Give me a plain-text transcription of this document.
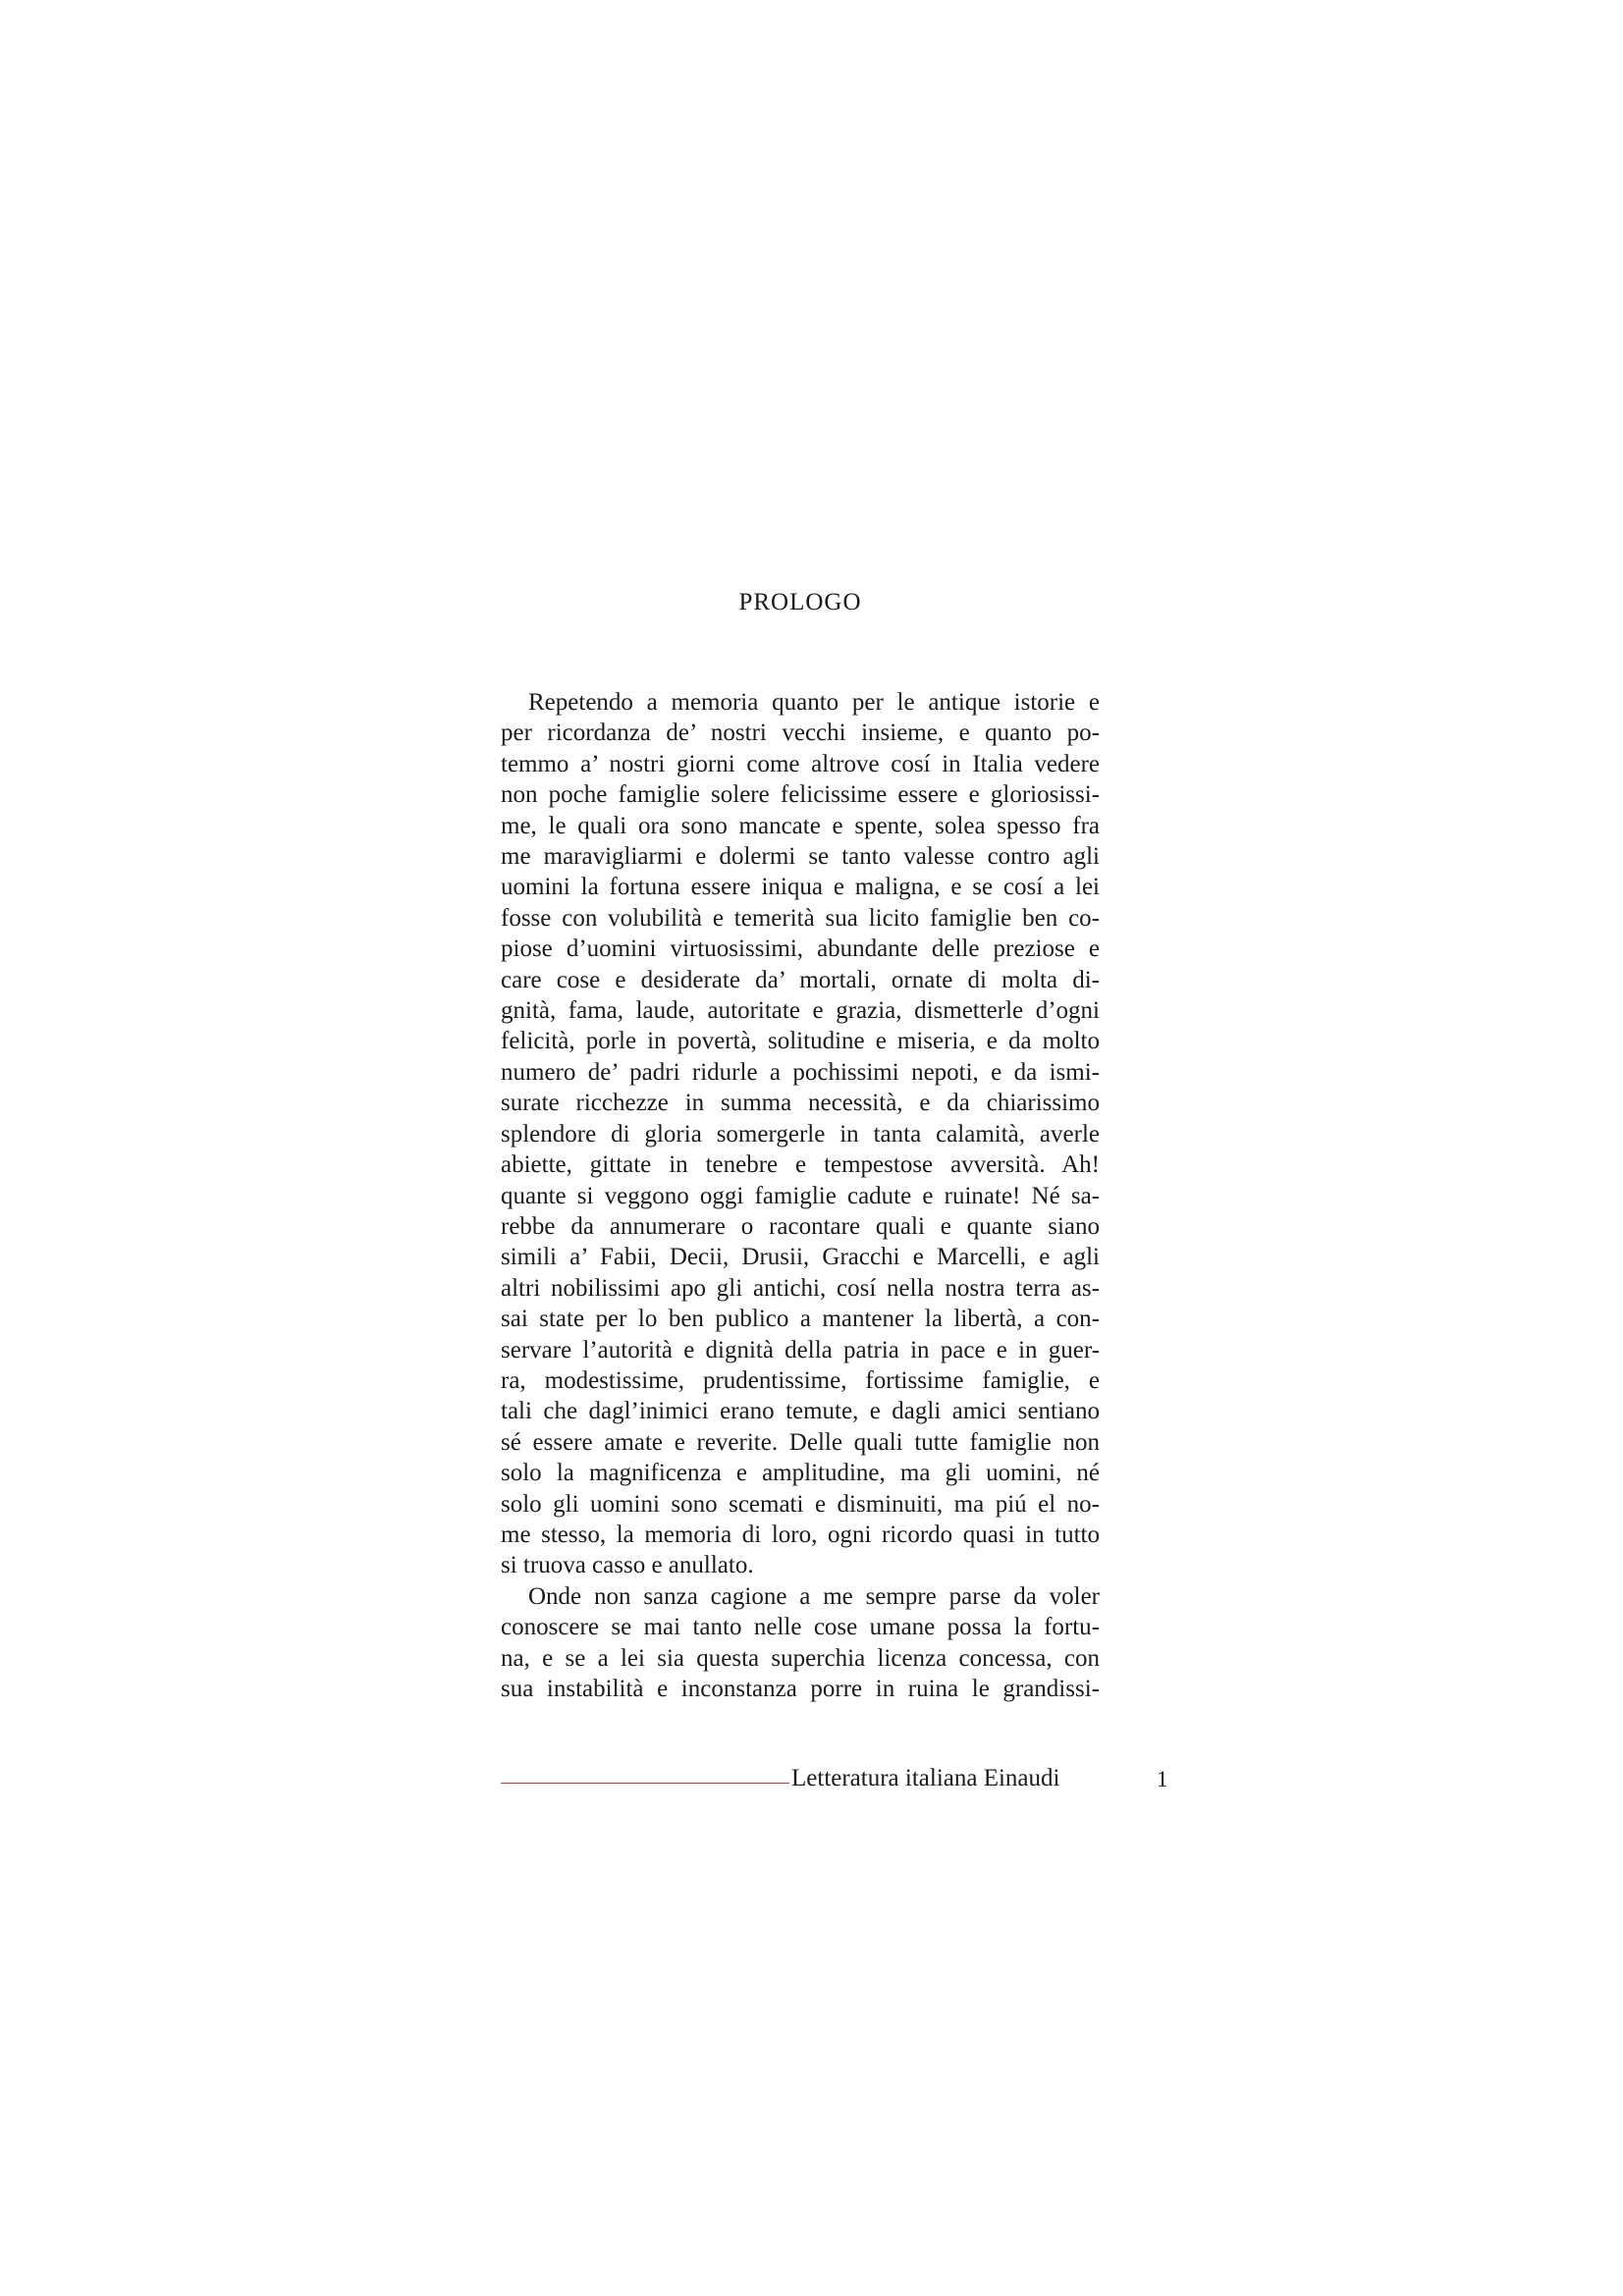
PROLOGO
Repetendo a memoria quanto per le antique istorie e
per ricordanza de’ nostri vecchi insieme, e quanto po-
temmo a’ nostri giorni come altrove cosí in Italia vedere
non poche famiglie solere felicissime essere e gloriosissi-
me, le quali ora sono mancate e spente, solea spesso fra
me maravigliarmi e dolermi se tanto valesse contro agli
uomini la fortuna essere iniqua e maligna, e se cosí a lei
fosse con volubilità e temerità sua licito famiglie ben co-
piose d’uomini virtuosissimi, abundante delle preziose e
care cose e desiderate da’ mortali, ornate di molta di-
gnità, fama, laude, autoritate e grazia, dismetterle d’ogni
felicità, porle in povertà, solitudine e miseria, e da molto
numero de’ padri ridurle a pochissimi nepoti, e da ismi-
surate ricchezze in summa necessità, e da chiarissimo
splendore di gloria somergerle in tanta calamità, averle
abiette, gittate in tenebre e tempestose avversità. Ah!
quante si veggono oggi famiglie cadute e ruinate! Né sa-
rebbe da annumerare o racontare quali e quante siano
simili a’ Fabii, Decii, Drusii, Gracchi e Marcelli, e agli
altri nobilissimi apo gli antichi, cosí nella nostra terra as-
sai state per lo ben publico a mantener la libertà, a con-
servare l’autorità e dignità della patria in pace e in guer-
ra, modestissime, prudentissime, fortissime famiglie, e
tali che dagl’inimici erano temute, e dagli amici sentiano
sé essere amate e reverite. Delle quali tutte famiglie non
solo la magnificenza e amplitudine, ma gli uomini, né
solo gli uomini sono scemati e disminuiti, ma piú el no-
me stesso, la memoria di loro, ogni ricordo quasi in tutto
si truova casso e anullato.
Onde non sanza cagione a me sempre parse da voler
conoscere se mai tanto nelle cose umane possa la fortu-
na, e se a lei sia questa superchia licenza concessa, con
sua instabilità e inconstanza porre in ruina le grandissi-
Letteratura italiana Einaudi	1
